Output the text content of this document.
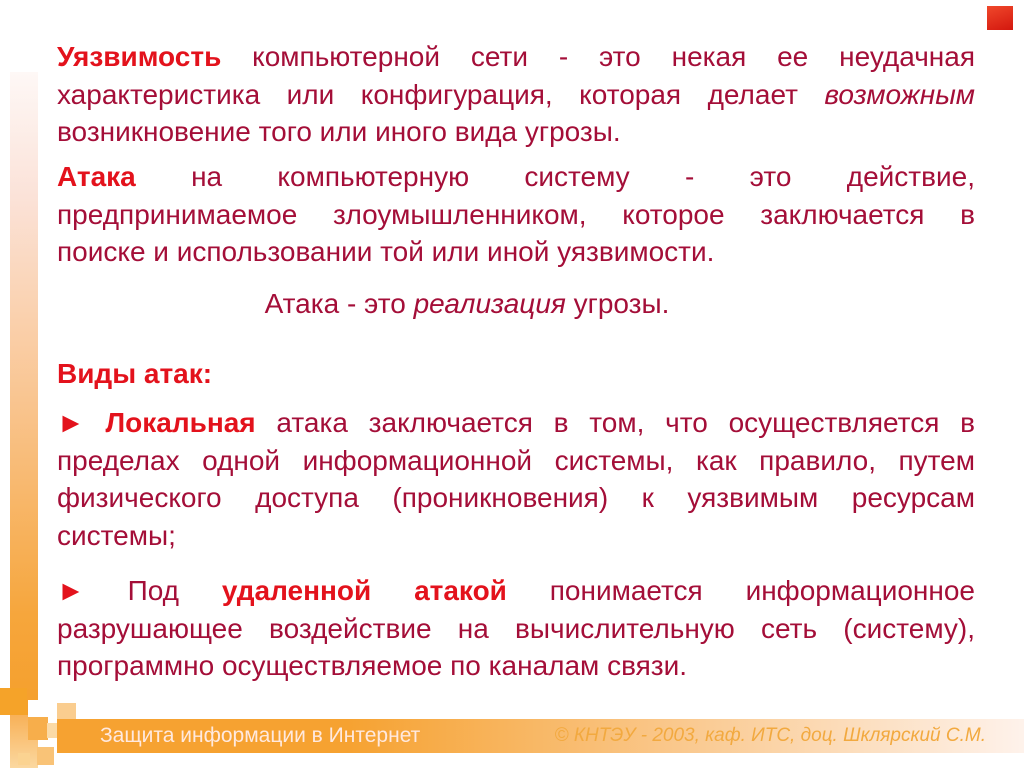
Уязвимость компьютерной сети - это некая ее неудачная
характеристика или конфигурация, которая делает возможным
возникновение того или иного вида угрозы.
Атака на компьютерную систему - это действие,
предпринимаемое злоумышленником, которое заключается в
поиске и использовании той или иной уязвимости.
Атака - это реализация угрозы.
Виды атак:
► Локальная атака заключается в том, что осуществляется в
пределах одной информационной системы, как правило, путем
физического доступа (проникновения) к уязвимым ресурсам
системы;
► Под удаленной атакой понимается информационное
разрушающее воздействие на вычислительную сеть (систему),
программно осуществляемое по каналам связи.
Защита информации в Интернет	© КНТЭУ - 2003, каф. ИТС, доц. Шклярский С.М.
